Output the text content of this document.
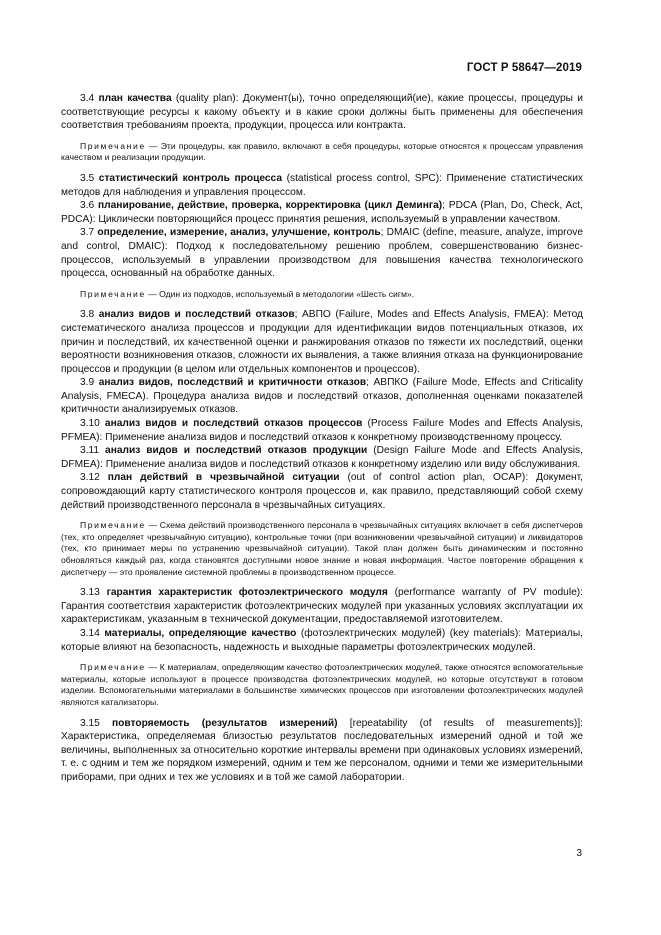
ГОСТ Р 58647—2019

3.4 план качества (quality plan): Документ(ы), точно определяющий(ие), какие процессы, процедуры и соответствующие ресурсы к какому объекту и в какие сроки должны быть применены для обеспечения соответствия требованиям проекта, продукции, процесса или контракта.

Примечание — Эти процедуры, как правило, включают в себя процедуры, которые относятся к процессам управления качеством и реализации продукции.

3.5 статистический контроль процесса (statistical process control, SPC): Применение статистических методов для наблюдения и управления процессом.

3.6 планирование, действие, проверка, корректировка (цикл Деминга); PDCA (Plan, Do, Check, Act, PDCA): Циклически повторяющийся процесс принятия решения, используемый в управлении качеством.

3.7 определение, измерение, анализ, улучшение, контроль; DMAIC (define, measure, analyze, improve and control, DMAIC): Подход к последовательному решению проблем, совершенствованию бизнес-процессов, используемый в управлении производством для повышения качества технологического процесса, основанный на обработке данных.

Примечание — Один из подходов, используемый в методологии «Шесть сигм».

3.8 анализ видов и последствий отказов; АВПО (Failure, Modes and Effects Analysis, FMEA): Метод систематического анализа процессов и продукции для идентификации видов потенциальных отказов, их причин и последствий, их качественной оценки и ранжирования отказов по тяжести их последствий, оценки вероятности возникновения отказов, сложности их выявления, а также влияния отказа на функционирование процессов и продукции (в целом или отдельных компонентов и процессов).

3.9 анализ видов, последствий и критичности отказов; АВПКО (Failure Mode, Effects and Criticality Analysis, FMECA). Процедура анализа видов и последствий отказов, дополненная оценками показателей критичности анализируемых отказов.

3.10 анализ видов и последствий отказов процессов (Process Failure Modes and Effects Analysis, PFMEA): Применение анализа видов и последствий отказов к конкретному производственному процессу.

3.11 анализ видов и последствий отказов продукции (Design Failure Mode and Effects Analysis, DFMEA): Применение анализа видов и последствий отказов к конкретному изделию или виду обслуживания.

3.12 план действий в чрезвычайной ситуации (out of control action plan, OCAP): Документ, сопровождающий карту статистического контроля процессов и, как правило, представляющий собой схему действий производственного персонала в чрезвычайных ситуациях.

Примечание — Схема действий производственного персонала в чрезвычайных ситуациях включает в себя диспетчеров (тех, кто определяет чрезвычайную ситуацию), контрольные точки (при возникновении чрезвычайной ситуации) и ликвидаторов (тех, кто принимает меры по устранению чрезвычайной ситуации). Такой план должен быть динамическим и постоянно обновляться каждый раз, когда становятся доступными новое знание и новая информация. Частое повторение обращения к диспетчеру — это проявление системной проблемы в производственном процессе.

3.13 гарантия характеристик фотоэлектрического модуля (performance warranty of PV module): Гарантия соответствия характеристик фотоэлектрических модулей при указанных условиях эксплуатации их характеристикам, указанным в технической документации, предоставляемой изготовителем.

3.14 материалы, определяющие качество (фотоэлектрических модулей) (key materials): Материалы, которые влияют на безопасность, надежность и выходные параметры фотоэлектрических модулей.

Примечание — К материалам, определяющим качество фотоэлектрических модулей, также относятся вспомогательные материалы, которые используют в процессе производства фотоэлектрических модулей, но которые отсутствуют в готовом изделии. Вспомогательными материалами в большинстве химических процессов при изготовлении фотоэлектрических модулей являются катализаторы.

3.15 повторяемость (результатов измерений) [repeatability (of results of measurements)]: Характеристика, определяемая близостью результатов последовательных измерений одной и той же величины, выполненных за относительно короткие интервалы времени при одинаковых условиях измерений, т. е. с одним и тем же порядком измерений, одним и тем же персоналом, одними и теми же измерительными приборами, при одних и тех же условиях и в той же самой лаборатории.

3
